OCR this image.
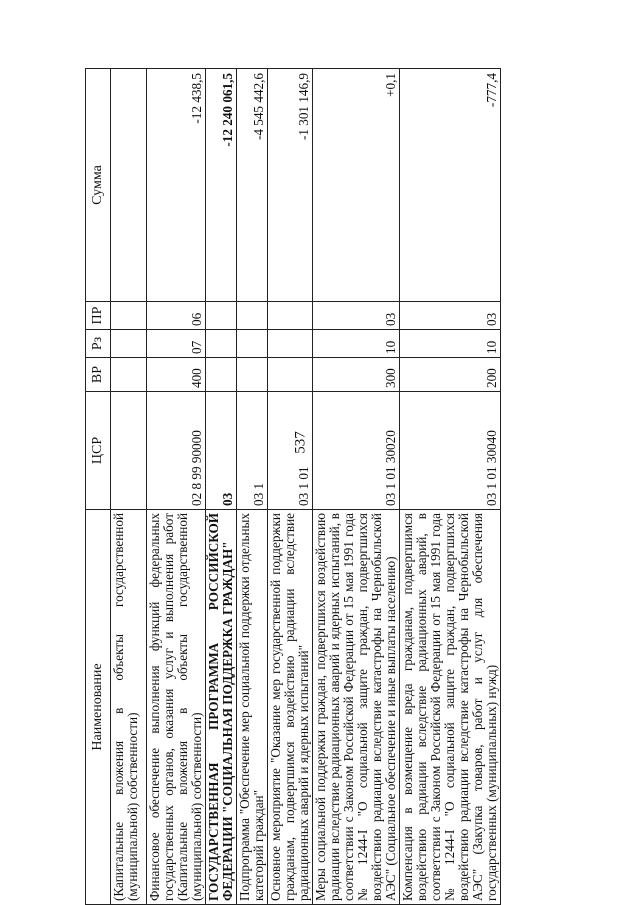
537
Наименование	ЦСР	ВР	Рз	ПР	Сумма
(Капитальные вложения в объекты государственной (муниципальной) собственности)					
Финансовое обеспечение выполнения функций федеральных государственных органов, оказания услуг и выполнения работ (Капитальные вложения в объекты государственной (муниципальной) собственности)	02 8 99 90000	400	07	06	-12 438,5
ГОСУДАРСТВЕННАЯ ПРОГРАММА РОССИЙСКОЙ ФЕДЕРАЦИИ "СОЦИАЛЬНАЯ ПОДДЕРЖКА ГРАЖДАН"	03				-12 240 061,5
Подпрограмма "Обеспечение мер социальной поддержки отдельных категорий граждан"	03 1				-4 545 442,6
Основное мероприятие "Оказание мер государственной поддержки гражданам, подвергшимся воздействию радиации вследствие радиационных аварий и ядерных испытаний"	03 1 01				-1 301 146,9
Меры социальной поддержки граждан, подвергшихся воздействию радиации вследствие радиационных аварий и ядерных испытаний, в соответствии с Законом Российской Федерации от 15 мая 1991 года № 1244-I "О социальной защите граждан, подвергшихся воздействию радиации вследствие катастрофы на Чернобыльской АЭС" (Социальное обеспечение и иные выплаты населению)	03 1 01 30020	300	10	03	+0,1
Компенсация в возмещение вреда гражданам, подвергшимся воздействию радиации вследствие радиационных аварий, в соответствии с Законом Российской Федерации от 15 мая 1991 года № 1244-I "О социальной защите граждан, подвергшихся воздействию радиации вследствие катастрофы на Чернобыльской АЭС" (Закупка товаров, работ и услуг для обеспечения государственных (муниципальных) нужд)	03 1 01 30040	200	10	03	-777,4
